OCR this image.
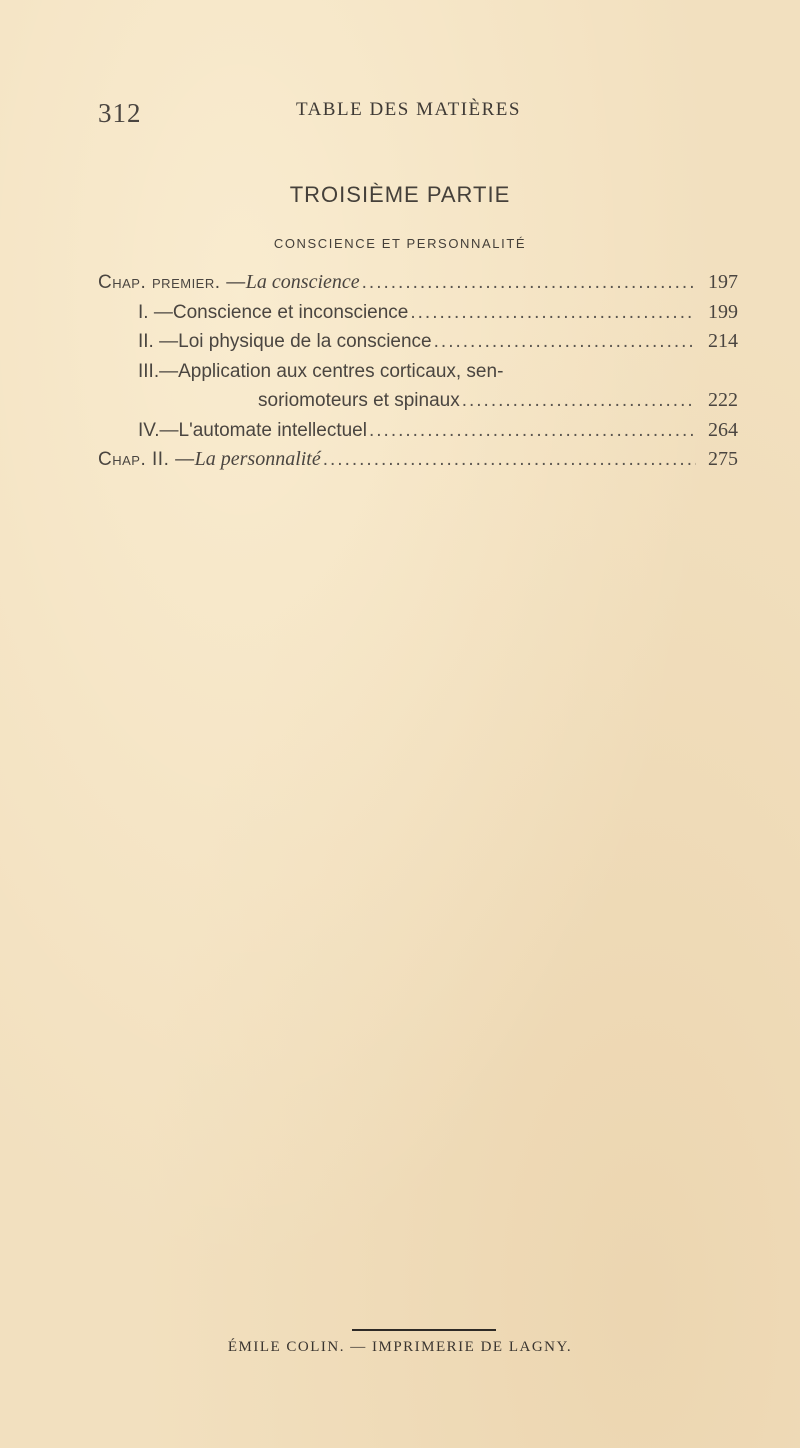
312	TABLE DES MATIÈRES
TROISIÈME PARTIE
CONSCIENCE ET PERSONNALITÉ
Chap. premier. — La conscience .....	197
I. — Conscience et inconscience .....	199
II. — Loi physique de la conscience .....	214
III.— Application aux centres corticaux, sen-
soriomoteurs et spinaux .....	222
IV.— L'automate intellectuel .....	264
Chap. II. — La personnalité .....	275
ÉMILE COLIN. — IMPRIMERIE DE LAGNY.
